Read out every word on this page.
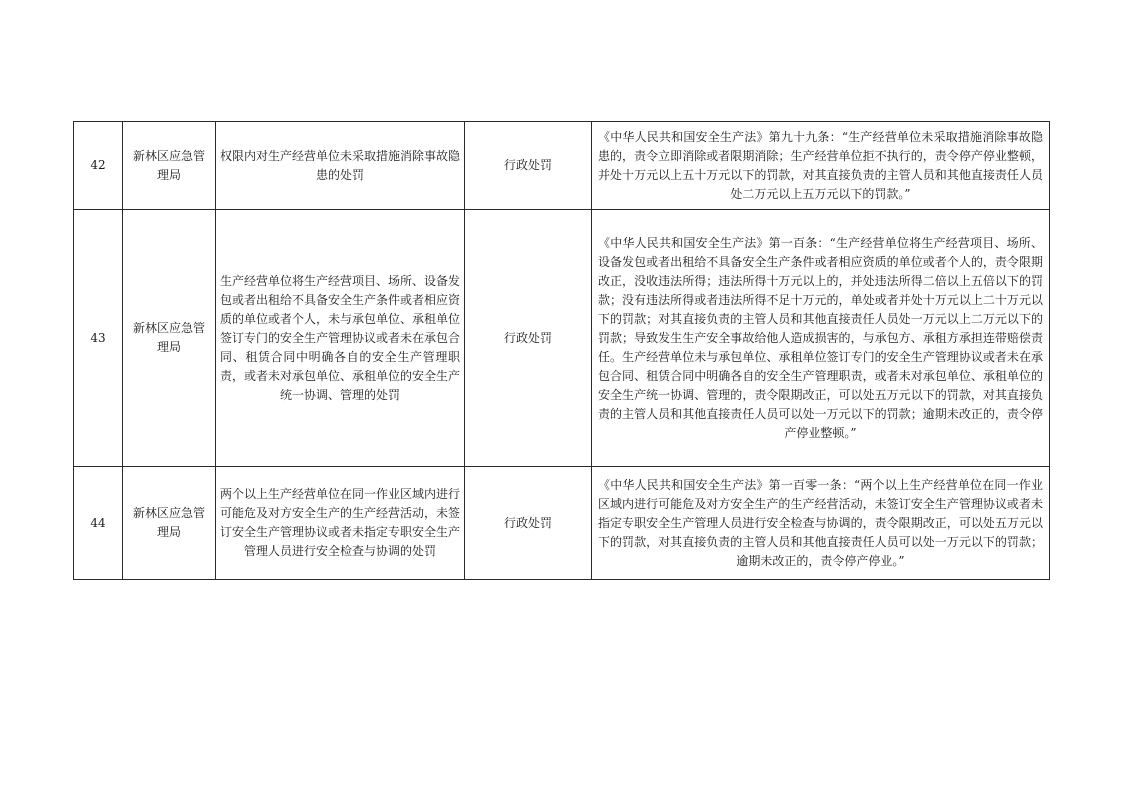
42	新林区应急管理局	权限内对生产经营单位未采取措施消除事故隐患的处罚	行政处罚	《中华人民共和国安全生产法》第九十九条：“生产经营单位未采取措施消除事故隐患的，责令立即消除或者限期消除；生产经营单位拒不执行的，责令停产停业整顿，并处十万元以上五十万元以下的罚款，对其直接负责的主管人员和其他直接责任人员处二万元以上五万元以下的罚款。”
43	新林区应急管理局	生产经营单位将生产经营项目、场所、设备发包或者出租给不具备安全生产条件或者相应资质的单位或者个人，未与承包单位、承租单位签订专门的安全生产管理协议或者未在承包合同、租赁合同中明确各自的安全生产管理职责，或者未对承包单位、承租单位的安全生产统一协调、管理的处罚	行政处罚	《中华人民共和国安全生产法》第一百条：“生产经营单位将生产经营项目、场所、设备发包或者出租给不具备安全生产条件或者相应资质的单位或者个人的，责令限期改正，没收违法所得；违法所得十万元以上的，并处违法所得二倍以上五倍以下的罚款；没有违法所得或者违法所得不足十万元的，单处或者并处十万元以上二十万元以下的罚款；对其直接负责的主管人员和其他直接责任人员处一万元以上二万元以下的罚款；导致发生生产安全事故给他人造成损害的，与承包方、承租方承担连带赔偿责任。生产经营单位未与承包单位、承租单位签订专门的安全生产管理协议或者未在承包合同、租赁合同中明确各自的安全生产管理职责，或者未对承包单位、承租单位的安全生产统一协调、管理的，责令限期改正，可以处五万元以下的罚款，对其直接负责的主管人员和其他直接责任人员可以处一万元以下的罚款；逾期未改正的，责令停产停业整顿。”
44	新林区应急管理局	两个以上生产经营单位在同一作业区域内进行可能危及对方安全生产的生产经营活动，未签订安全生产管理协议或者未指定专职安全生产管理人员进行安全检查与协调的处罚	行政处罚	《中华人民共和国安全生产法》第一百零一条：“两个以上生产经营单位在同一作业区域内进行可能危及对方安全生产的生产经营活动，未签订安全生产管理协议或者未指定专职安全生产管理人员进行安全检查与协调的，责令限期改正，可以处五万元以下的罚款，对其直接负责的主管人员和其他直接责任人员可以处一万元以下的罚款；逾期未改正的，责令停产停业。”
